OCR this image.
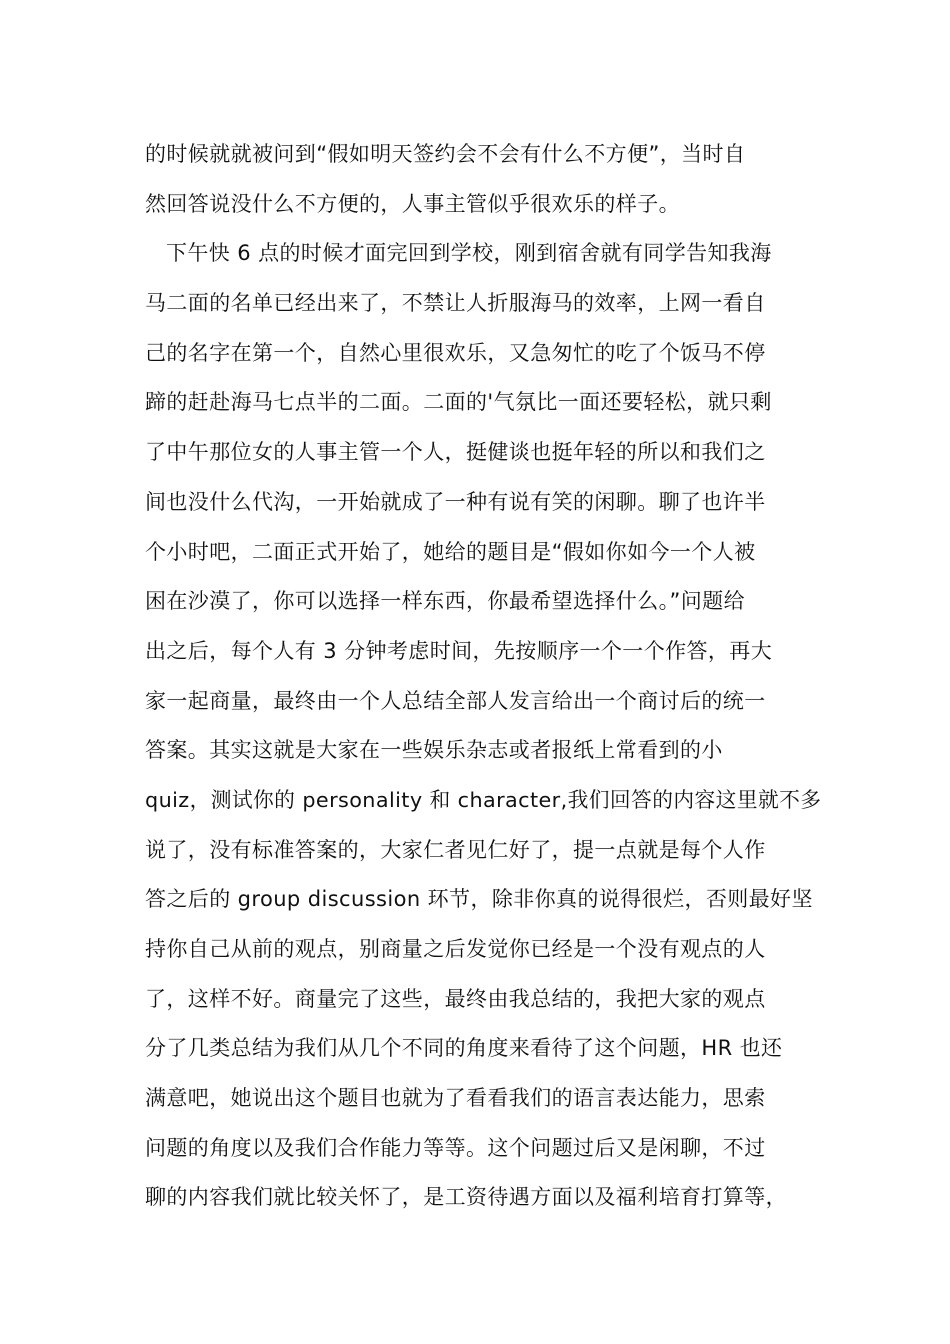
的时候就就被问到“假如明天签约会不会有什么不方便”，当时自
然回答说没什么不方便的，人事主管似乎很欢乐的样子。
下午快 6 点的时候才面完回到学校，刚到宿舍就有同学告知我海
马二面的名单已经出来了，不禁让人折服海马的效率，上网一看自
己的名字在第一个，自然心里很欢乐，又急匆忙的吃了个饭马不停
蹄的赶赴海马七点半的二面。二面的'气氛比一面还要轻松，就只剩
了中午那位女的人事主管一个人，挺健谈也挺年轻的所以和我们之
间也没什么代沟，一开始就成了一种有说有笑的闲聊。聊了也许半
个小时吧，二面正式开始了，她给的题目是“假如你如今一个人被
困在沙漠了，你可以选择一样东西，你最希望选择什么。”问题给
出之后，每个人有 3 分钟考虑时间，先按顺序一个一个作答，再大
家一起商量，最终由一个人总结全部人发言给出一个商讨后的统一
答案。其实这就是大家在一些娱乐杂志或者报纸上常看到的小
quiz，测试你的 personality 和 character,我们回答的内容这里就不多
说了，没有标准答案的，大家仁者见仁好了，提一点就是每个人作
答之后的 group discussion 环节，除非你真的说得很烂，否则最好坚
持你自己从前的观点，别商量之后发觉你已经是一个没有观点的人
了，这样不好。商量完了这些，最终由我总结的，我把大家的观点
分了几类总结为我们从几个不同的角度来看待了这个问题，HR 也还
满意吧，她说出这个题目也就为了看看我们的语言表达能力，思索
问题的角度以及我们合作能力等等。这个问题过后又是闲聊，不过
聊的内容我们就比较关怀了，是工资待遇方面以及福利培育打算等，
